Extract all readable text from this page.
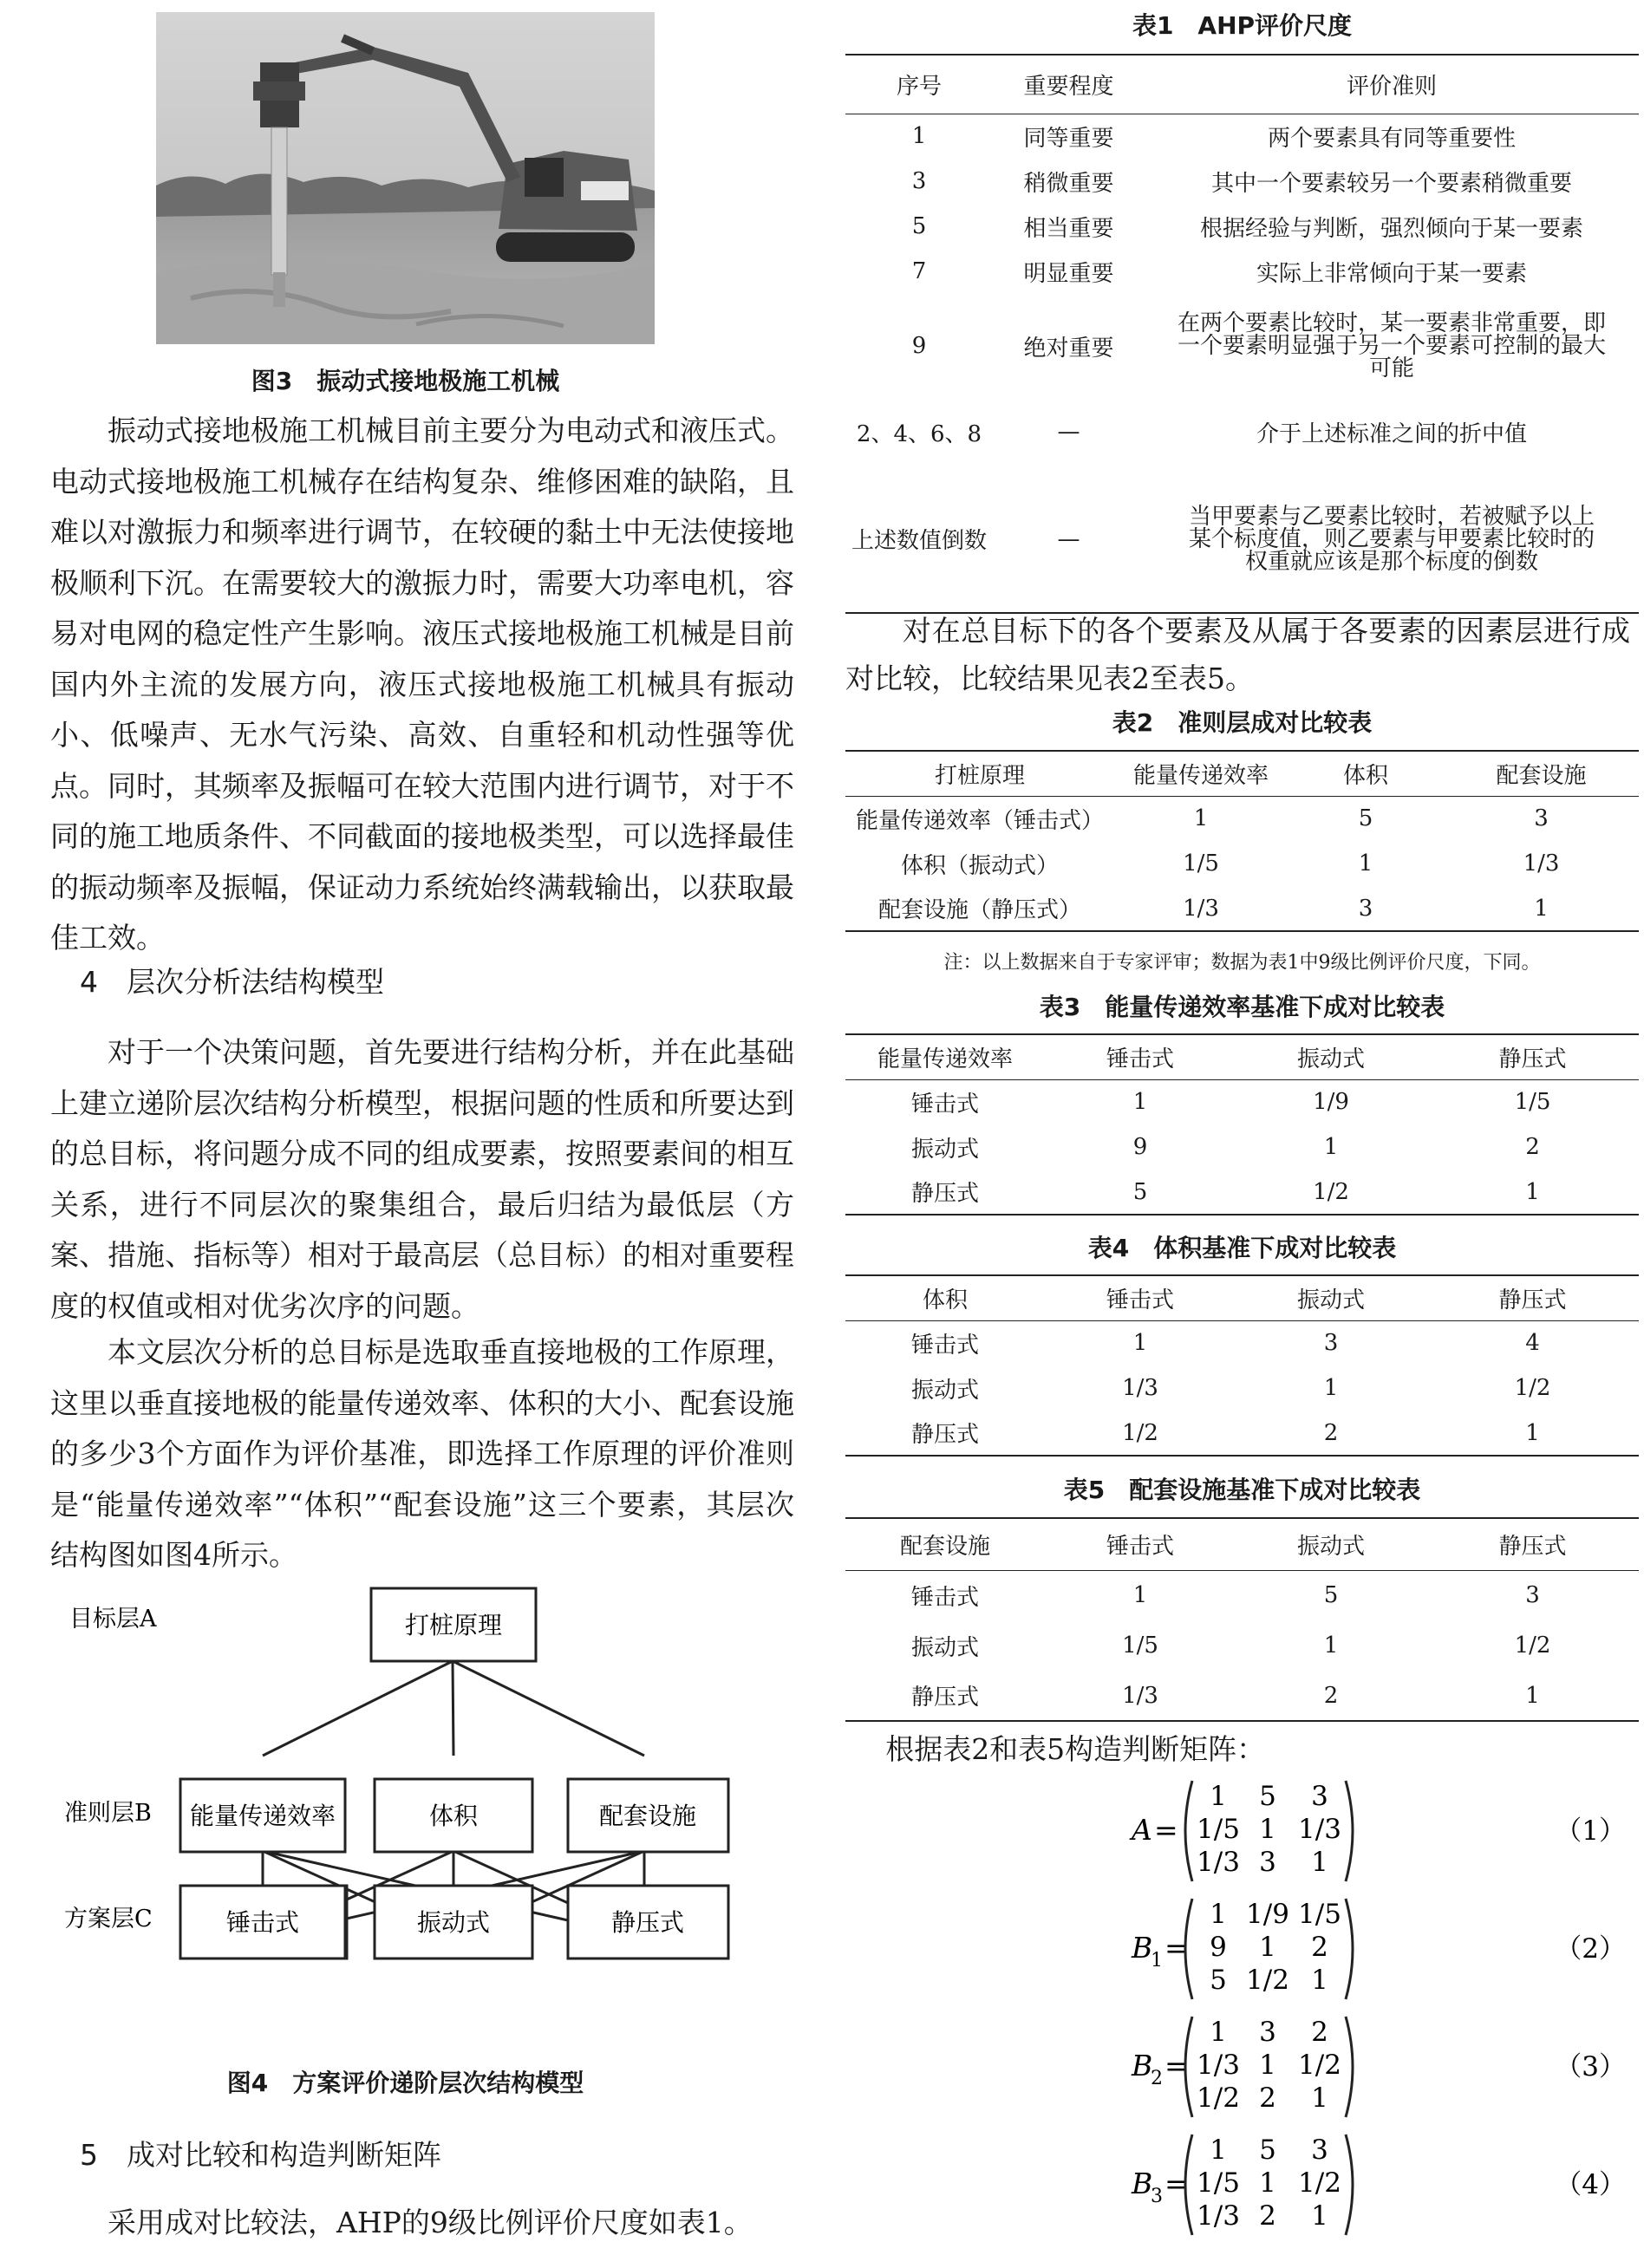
图3　振动式接地极施工机械
振动式接地极施工机械目前主要分为电动式和液压式。电动式接地极施工机械存在结构复杂、维修困难的缺陷，且难以对激振力和频率进行调节，在较硬的黏土中无法使接地极顺利下沉。在需要较大的激振力时，需要大功率电机，容易对电网的稳定性产生影响。液压式接地极施工机械是目前国内外主流的发展方向，液压式接地极施工机械具有振动小、低噪声、无水气污染、高效、自重轻和机动性强等优点。同时，其频率及振幅可在较大范围内进行调节，对于不同的施工地质条件、不同截面的接地极类型，可以选择最佳的振动频率及振幅，保证动力系统始终满载输出，以获取最佳工效。
4　层次分析法结构模型
对于一个决策问题，首先要进行结构分析，并在此基础上建立递阶层次结构分析模型，根据问题的性质和所要达到的总目标，将问题分成不同的组成要素，按照要素间的相互关系，进行不同层次的聚集组合，最后归结为最低层（方案、措施、指标等）相对于最高层（总目标）的相对重要程度的权值或相对优劣次序的问题。
本文层次分析的总目标是选取垂直接地极的工作原理，这里以垂直接地极的能量传递效率、体积的大小、配套设施的多少3个方面作为评价基准，即选择工作原理的评价准则是“能量传递效率”“体积”“配套设施”这三个要素，其层次结构图如图4所示。
目标层A
准则层B
方案层C
打桩原理
能量传递效率	体积	配套设施
锤击式	振动式	静压式
图4　方案评价递阶层次结构模型
5　成对比较和构造判断矩阵
采用成对比较法，AHP的9级比例评价尺度如表1。
表1　AHP评价尺度
序号	重要程度	评价准则
1	同等重要	两个要素具有同等重要性
3	稍微重要	其中一个要素较另一个要素稍微重要
5	相当重要	根据经验与判断，强烈倾向于某一要素
7	明显重要	实际上非常倾向于某一要素
9	绝对重要	在两个要素比较时，某一要素非常重要，即一个要素明显强于另一个要素可控制的最大可能
2、4、6、8	—	介于上述标准之间的折中值
上述数值倒数	—	当甲要素与乙要素比较时，若被赋予以上某个标度值，则乙要素与甲要素比较时的权重就应该是那个标度的倒数
对在总目标下的各个要素及从属于各要素的因素层进行成对比较，比较结果见表2至表5。
表2　准则层成对比较表
打桩原理	能量传递效率	体积	配套设施
能量传递效率（锤击式）	1	5	3
体积（振动式）	1/5	1	1/3
配套设施（静压式）	1/3	3	1
注：以上数据来自于专家评审；数据为表1中9级比例评价尺度，下同。
表3　能量传递效率基准下成对比较表
能量传递效率	锤击式	振动式	静压式
锤击式	1	1/9	1/5
振动式	9	1	2
静压式	5	1/2	1
表4　体积基准下成对比较表
体积	锤击式	振动式	静压式
锤击式	1	3	4
振动式	1/3	1	1/2
静压式	1/2	2	1
表5　配套设施基准下成对比较表
配套设施	锤击式	振动式	静压式
锤击式	1	5	3
振动式	1/5	1	1/2
静压式	1/3	2	1
根据表2和表5构造判断矩阵：
A =
1 5 3
1/5 1 1/3
1/3 3 1
（1）
B
1 =
1 1/9 1/5
9 1 2
5 1/2 1
（2）
B
2 =
1 3 2
1/3 1 1/2
1/2 2 1
（3）
B
3 =
1 5 3
1/5 1 1/2
1/3 2 1
（4）
